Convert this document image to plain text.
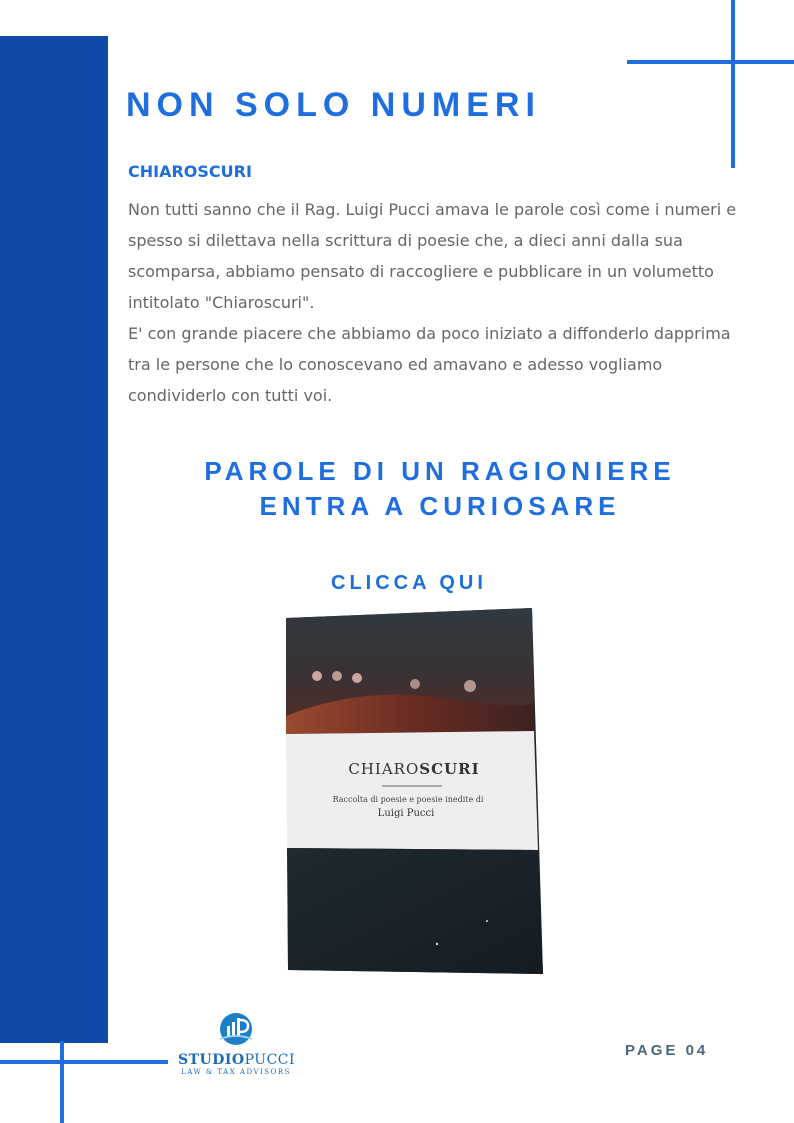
NON SOLO NUMERI
CHIAROSCURI

Non tutti sanno che il Rag. Luigi Pucci amava le parole così come i numeri e spesso si dilettava nella scrittura di poesie che, a dieci anni dalla sua scomparsa, abbiamo pensato di raccogliere e pubblicare in un volumetto intitolato "Chiaroscuri".

E' con grande piacere che abbiamo da poco iniziato a diffonderlo dapprima tra le persone che lo conoscevano ed amavano e adesso vogliamo condividerlo con tutti voi.

PAROLE DI UN RAGIONIERE
ENTRA A CURIOSARE
CLICCA QUI
CHIAROSCURI
Raccolta di poesie e poesie inedite di
Luigi Pucci
STUDIOPUCCI
LAW & TAX ADVISORS

PAGE 04
